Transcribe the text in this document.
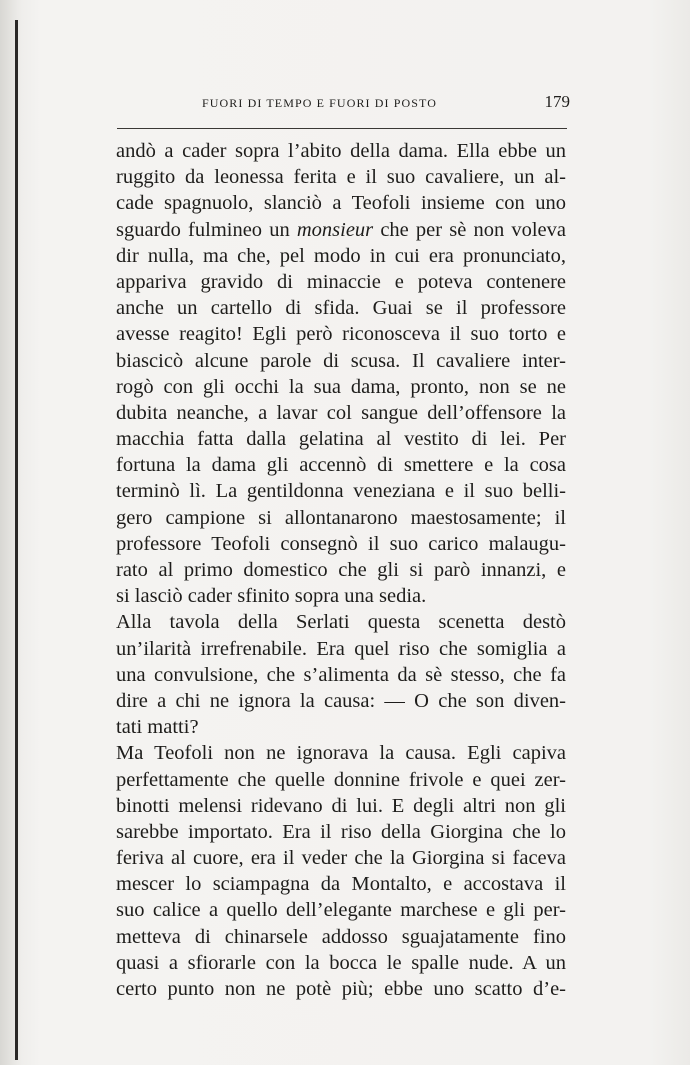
FUORI DI TEMPO E FUORI DI POSTO	179
andò a cader sopra l’abito della dama. Ella ebbe un
ruggito da leonessa ferita e il suo cavaliere, un al-
cade spagnuolo, slanciò a Teofoli insieme con uno
sguardo fulmineo un monsieur che per sè non voleva
dir nulla, ma che, pel modo in cui era pronunciato,
appariva gravido di minaccie e poteva contenere
anche un cartello di sfida. Guai se il professore
avesse reagito! Egli però riconosceva il suo torto e
biascicò alcune parole di scusa. Il cavaliere inter-
rogò con gli occhi la sua dama, pronto, non se ne
dubita neanche, a lavar col sangue dell’offensore la
macchia fatta dalla gelatina al vestito di lei. Per
fortuna la dama gli accennò di smettere e la cosa
terminò lì. La gentildonna veneziana e il suo belli-
gero campione si allontanarono maestosamente; il
professore Teofoli consegnò il suo carico malaugu-
rato al primo domestico che gli si parò innanzi, e
si lasciò cader sfinito sopra una sedia.
Alla tavola della Serlati questa scenetta destò
un’ilarità irrefrenabile. Era quel riso che somiglia a
una convulsione, che s’alimenta da sè stesso, che fa
dire a chi ne ignora la causa: — O che son diven-
tati matti?
Ma Teofoli non ne ignorava la causa. Egli capiva
perfettamente che quelle donnine frivole e quei zer-
binotti melensi ridevano di lui. E degli altri non gli
sarebbe importato. Era il riso della Giorgina che lo
feriva al cuore, era il veder che la Giorgina si faceva
mescer lo sciampagna da Montalto, e accostava il
suo calice a quello dell’elegante marchese e gli per-
metteva di chinarsele addosso sguajatamente fino
quasi a sfiorarle con la bocca le spalle nude. A un
certo punto non ne potè più; ebbe uno scatto d’e-
